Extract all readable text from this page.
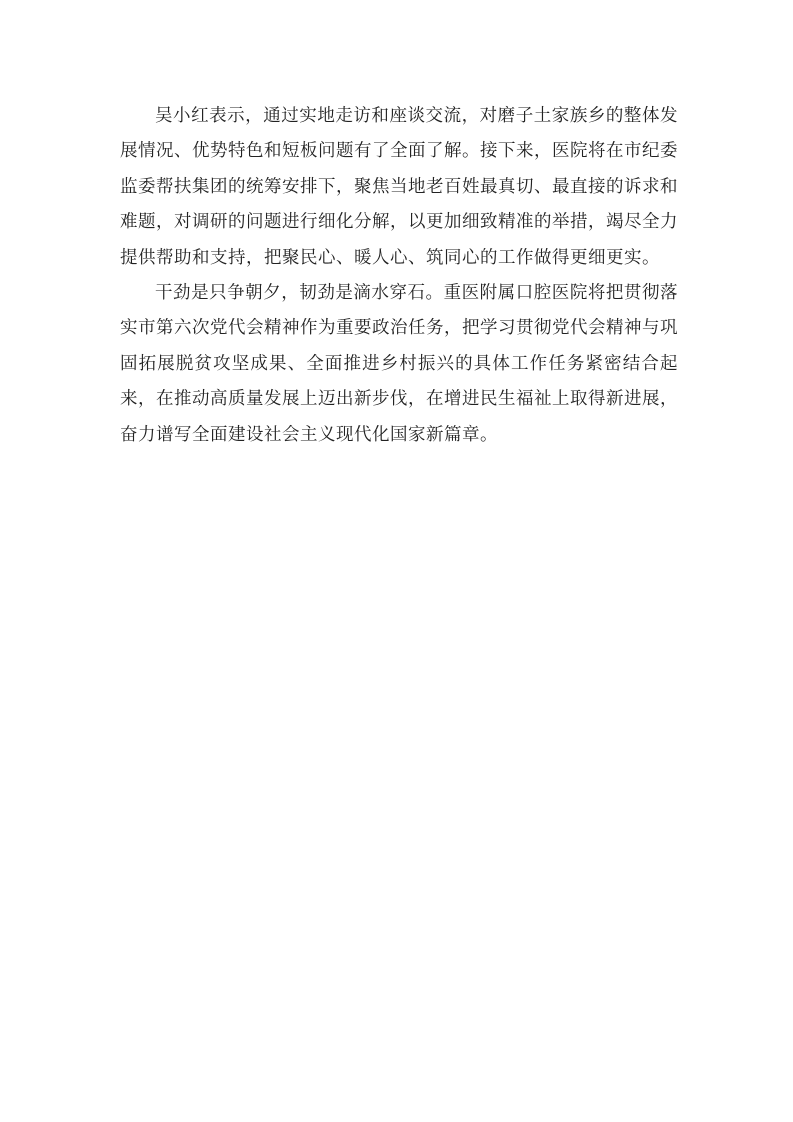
吴小红表示，通过实地走访和座谈交流，对磨子土家族乡的整体发展情况、优势特色和短板问题有了全面了解。接下来，医院将在市纪委监委帮扶集团的统筹安排下，聚焦当地老百姓最真切、最直接的诉求和难题，对调研的问题进行细化分解，以更加细致精准的举措，竭尽全力提供帮助和支持，把聚民心、暖人心、筑同心的工作做得更细更实。

干劲是只争朝夕，韧劲是滴水穿石。重医附属口腔医院将把贯彻落实市第六次党代会精神作为重要政治任务，把学习贯彻党代会精神与巩固拓展脱贫攻坚成果、全面推进乡村振兴的具体工作任务紧密结合起来，在推动高质量发展上迈出新步伐，在增进民生福祉上取得新进展，奋力谱写全面建设社会主义现代化国家新篇章。
